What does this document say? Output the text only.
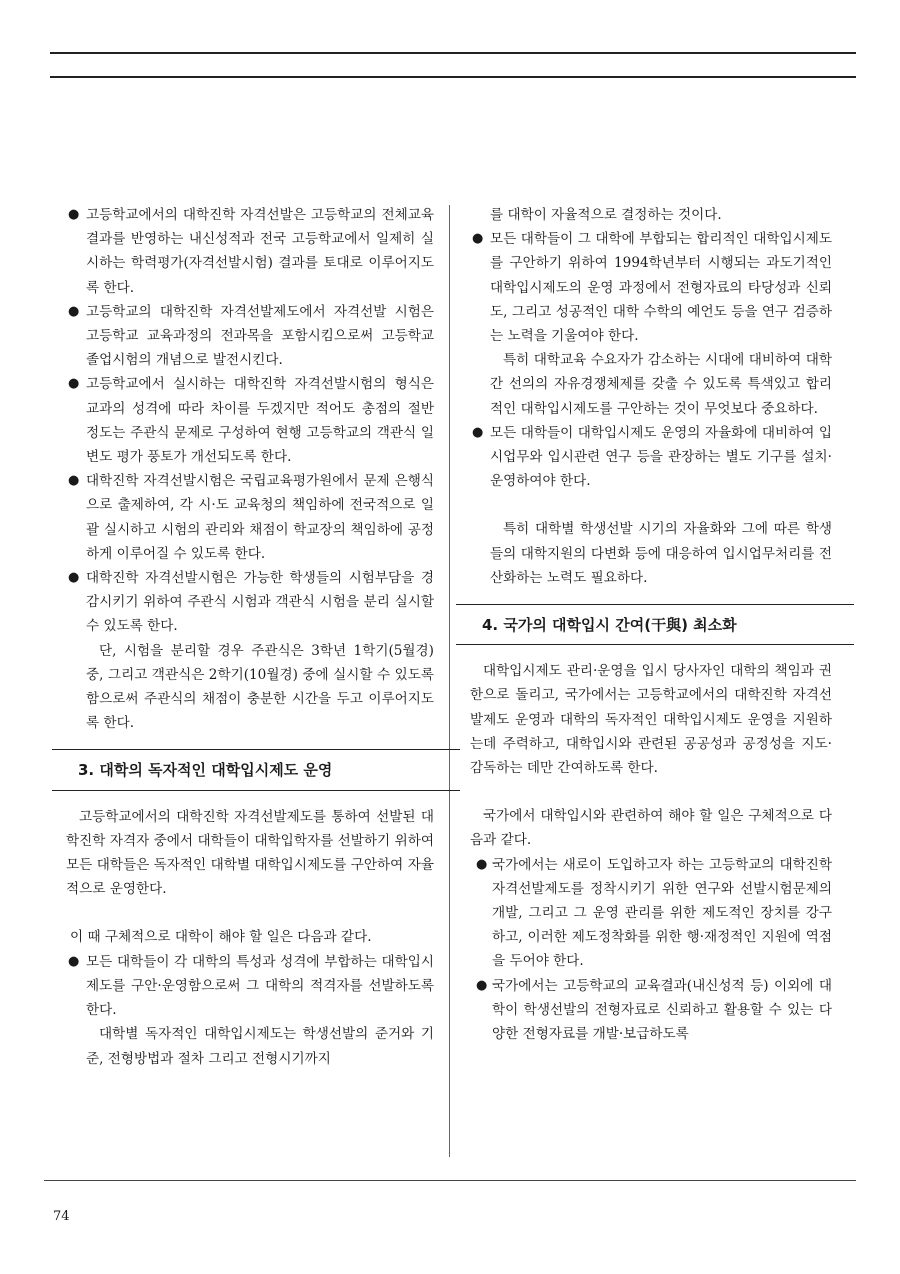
● 고등학교에서의 대학진학 자격선발은 고등학교의 전체교육 결과를 반영하는 내신성적과 전국 고등학교에서 일제히 실시하는 학력평가(자격선발시험) 결과를 토대로 이루어지도록 한다.

● 고등학교의 대학진학 자격선발제도에서 자격선발 시험은 고등학교 교육과정의 전과목을 포함시킴으로써 고등학교 졸업시험의 개념으로 발전시킨다.

● 고등학교에서 실시하는 대학진학 자격선발시험의 형식은 교과의 성격에 따라 차이를 두겠지만 적어도 총점의 절반 정도는 주관식 문제로 구성하여 현행 고등학교의 객관식 일변도 평가 풍토가 개선되도록 한다.

● 대학진학 자격선발시험은 국립교육평가원에서 문제 은행식으로 출제하여, 각 시·도 교육청의 책임하에 전국적으로 일괄 실시하고 시험의 관리와 채점이 학교장의 책임하에 공정하게 이루어질 수 있도록 한다.

● 대학진학 자격선발시험은 가능한 학생들의 시험부담을 경감시키기 위하여 주관식 시험과 객관식 시험을 분리 실시할 수 있도록 한다.

단, 시험을 분리할 경우 주관식은 3학년 1학기(5월경) 중, 그리고 객관식은 2학기(10월경) 중에 실시할 수 있도록 함으로써 주관식의 채점이 충분한 시간을 두고 이루어지도록 한다.

3. 대학의 독자적인 대학입시제도 운영

고등학교에서의 대학진학 자격선발제도를 통하여 선발된 대학진학 자격자 중에서 대학들이 대학입학자를 선발하기 위하여 모든 대학들은 독자적인 대학별 대학입시제도를 구안하여 자율적으로 운영한다.

이 때 구체적으로 대학이 해야 할 일은 다음과 같다.

● 모든 대학들이 각 대학의 특성과 성격에 부합하는 대학입시제도를 구안·운영함으로써 그 대학의 적격자를 선발하도록 한다.

대학별 독자적인 대학입시제도는 학생선발의 준거와 기준, 전형방법과 절차 그리고 전형시기까지

를 대학이 자율적으로 결정하는 것이다.

● 모든 대학들이 그 대학에 부합되는 합리적인 대학입시제도를 구안하기 위하여 1994학년부터 시행되는 과도기적인 대학입시제도의 운영 과정에서 전형자료의 타당성과 신뢰도, 그리고 성공적인 대학 수학의 예언도 등을 연구 검증하는 노력을 기울여야 한다.

특히 대학교육 수요자가 감소하는 시대에 대비하여 대학간 선의의 자유경쟁체제를 갖출 수 있도록 특색있고 합리적인 대학입시제도를 구안하는 것이 무엇보다 중요하다.

● 모든 대학들이 대학입시제도 운영의 자율화에 대비하여 입시업무와 입시관련 연구 등을 관장하는 별도 기구를 설치·운영하여야 한다.

특히 대학별 학생선발 시기의 자율화와 그에 따른 학생들의 대학지원의 다변화 등에 대응하여 입시업무처리를 전산화하는 노력도 필요하다.

4. 국가의 대학입시 간여(干與) 최소화

대학입시제도 관리·운영을 입시 당사자인 대학의 책임과 권한으로 돌리고, 국가에서는 고등학교에서의 대학진학 자격선발제도 운영과 대학의 독자적인 대학입시제도 운영을 지원하는데 주력하고, 대학입시와 관련된 공공성과 공정성을 지도·감독하는 데만 간여하도록 한다.

국가에서 대학입시와 관련하여 해야 할 일은 구체적으로 다음과 같다.

● 국가에서는 새로이 도입하고자 하는 고등학교의 대학진학 자격선발제도를 정착시키기 위한 연구와 선발시험문제의 개발, 그리고 그 운영 관리를 위한 제도적인 장치를 강구하고, 이러한 제도정착화를 위한 행·재정적인 지원에 역점을 두어야 한다.

● 국가에서는 고등학교의 교육결과(내신성적 등) 이외에 대학이 학생선발의 전형자료로 신뢰하고 활용할 수 있는 다양한 전형자료를 개발·보급하도록

74
